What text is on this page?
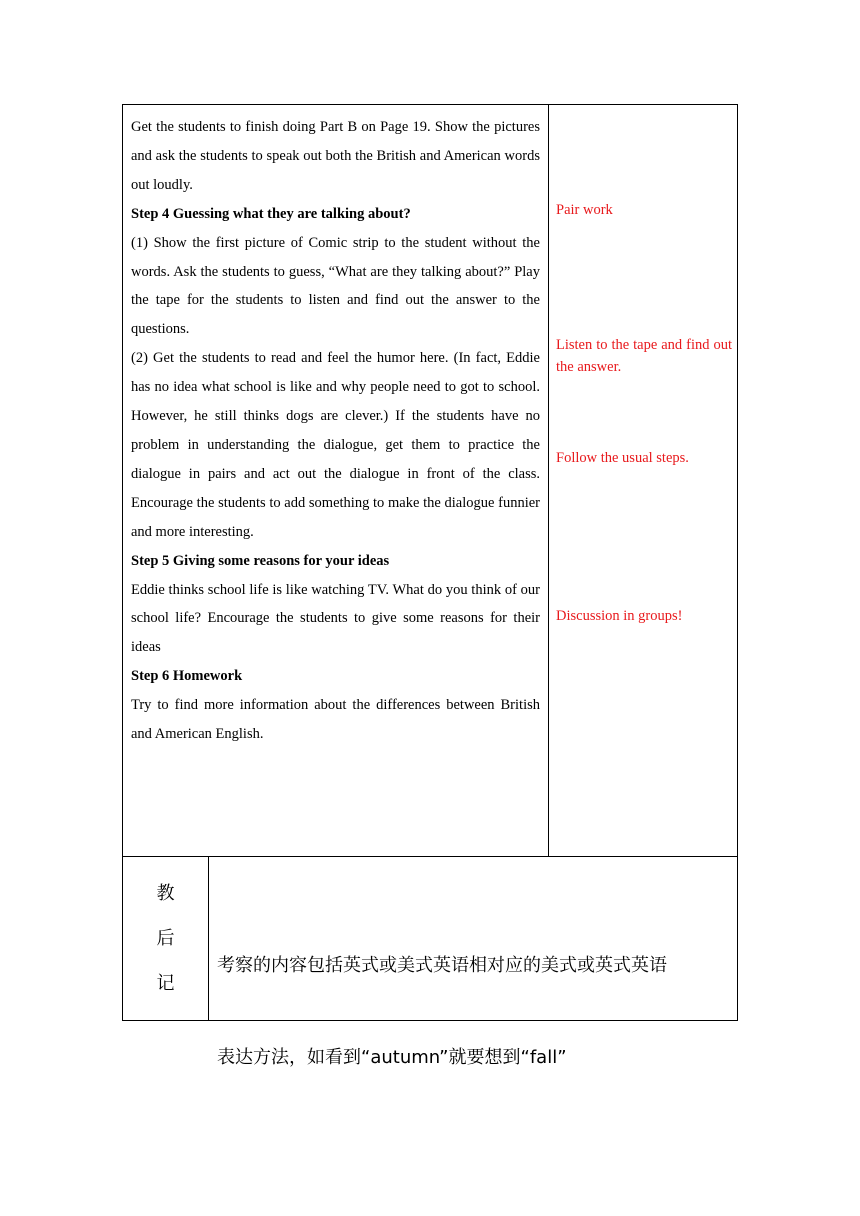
Get the students to finish doing Part B on Page 19. Show the pictures and ask the students to speak out both the British and American words out loudly.

Step 4 Guessing what they are talking about?

(1) Show the first picture of Comic strip to the student without the words. Ask the students to guess, “What are they talking about?” Play the tape for the students to listen and find out the answer to the questions.

(2) Get the students to read and feel the humor here. (In fact, Eddie has no idea what school is like and why people need to got to school. However, he still thinks dogs are clever.) If the students have no problem in understanding the dialogue, get them to practice the dialogue in pairs and act out the dialogue in front of the class. Encourage the students to add something to make the dialogue funnier and more interesting.

Step 5 Giving some reasons for your ideas

Eddie thinks school life is like watching TV. What do you think of our school life? Encourage the students to give some reasons for their ideas

Step 6 Homework

Try to find more information about the differences between British and American English.

Pair work
Listen to the tape and find out the answer.
Follow the usual steps.
Discussion in groups!
教
后
记

考察的内容包括英式或美式英语相对应的美式或英式英语

表达方法，如看到“autumn”就要想到“fall”
